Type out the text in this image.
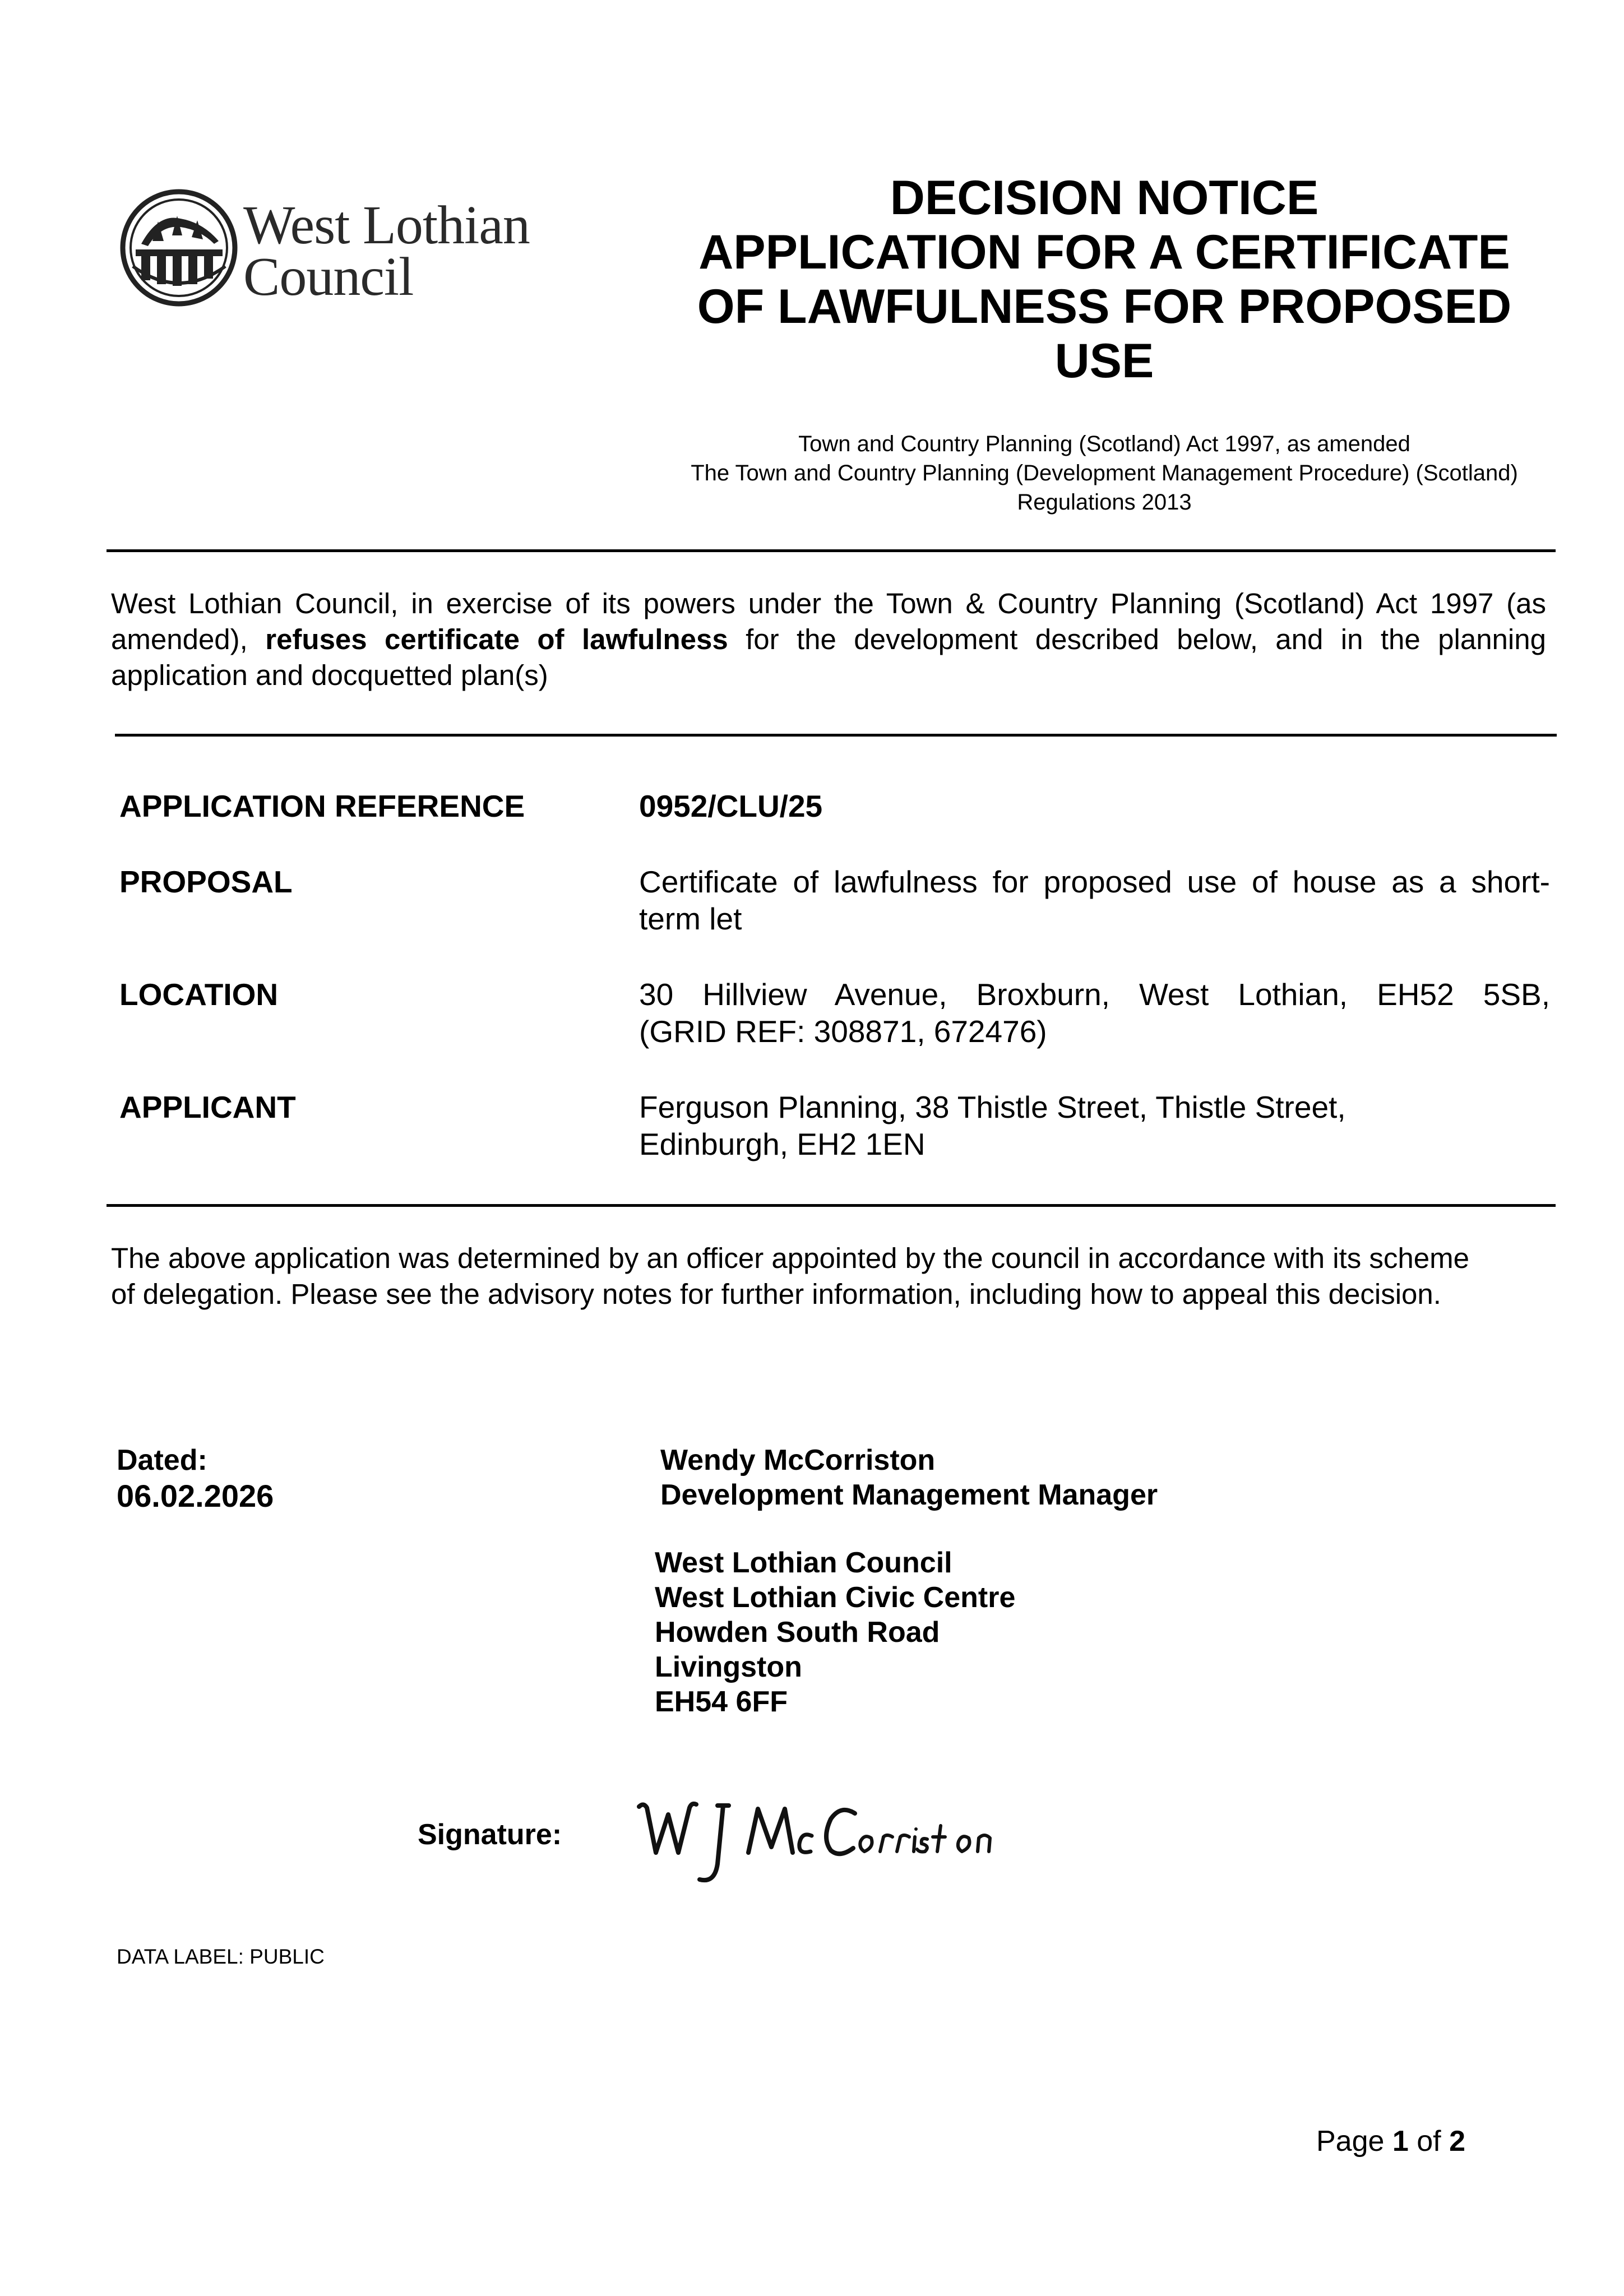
West Lothian
Council
DECISION NOTICE
APPLICATION FOR A CERTIFICATE
OF LAWFULNESS FOR PROPOSED
USE
Town and Country Planning (Scotland) Act 1997, as amended
The Town and Country Planning (Development Management Procedure) (Scotland)
Regulations 2013
West Lothian Council, in exercise of its powers under the Town & Country Planning (Scotland) Act 1997 (as
amended), refuses certificate of lawfulness for the development described below, and in the planning
application and docquetted plan(s)
APPLICATION REFERENCE	0952/CLU/25
PROPOSAL	Certificate of lawfulness for proposed use of house as a short-
term let
LOCATION	30 Hillview Avenue, Broxburn, West Lothian, EH52 5SB,
(GRID REF: 308871, 672476)
APPLICANT	Ferguson Planning, 38 Thistle Street, Thistle Street,
Edinburgh, EH2 1EN
The above application was determined by an officer appointed by the council in accordance with its scheme
of delegation. Please see the advisory notes for further information, including how to appeal this decision.
Dated:
06.02.2026
Wendy McCorriston
Development Management Manager
West Lothian Council
West Lothian Civic Centre
Howden South Road
Livingston
EH54 6FF
Signature:
DATA LABEL: PUBLIC
Page 1 of 2
